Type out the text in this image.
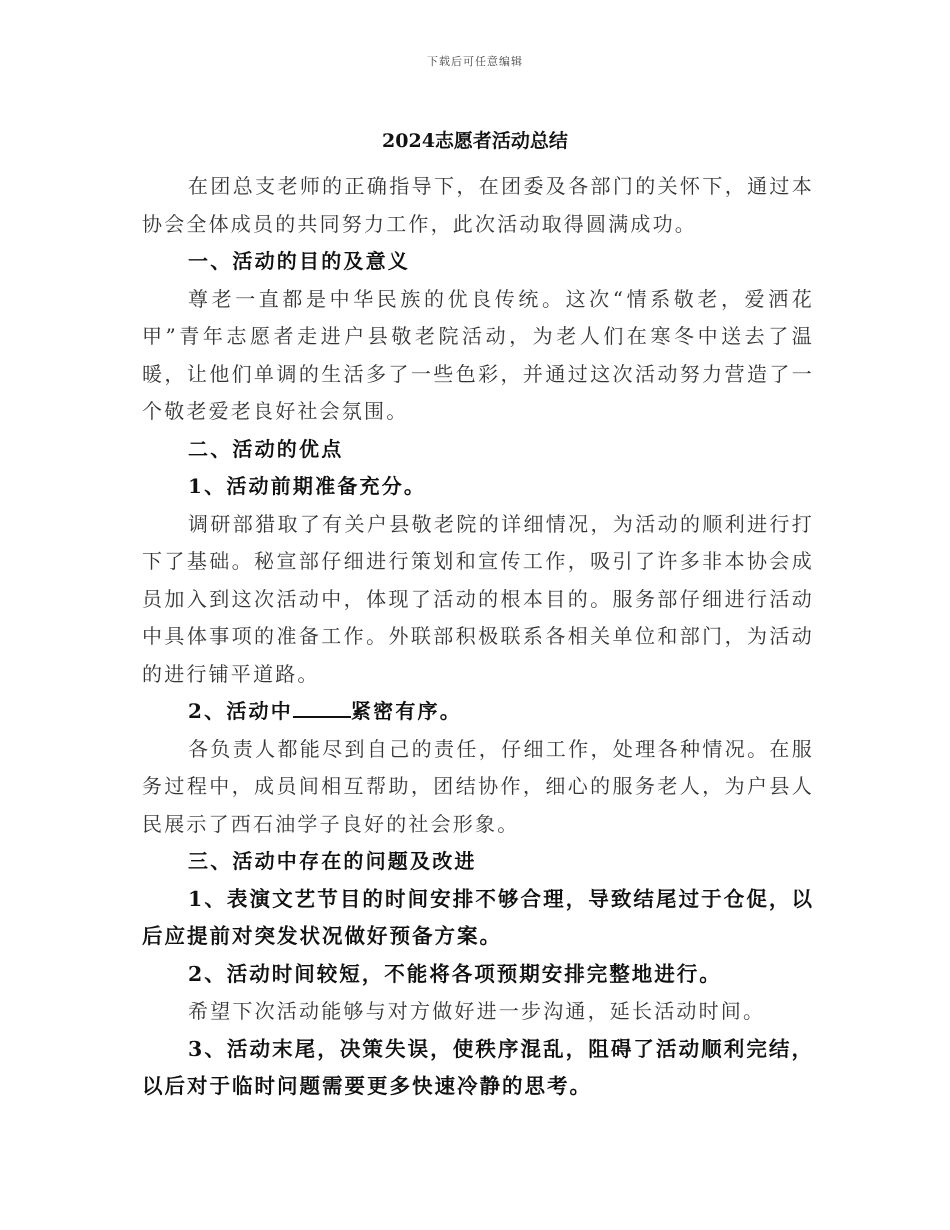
下载后可任意编辑
2024志愿者活动总结

在团总支老师的正确指导下，在团委及各部门的关怀下，通过本协会全体成员的共同努力工作，此次活动取得圆满成功。

一、活动的目的及意义

尊老一直都是中华民族的优良传统。这次“情系敬老，爱洒花甲”青年志愿者走进户县敬老院活动，为老人们在寒冬中送去了温暖，让他们单调的生活多了一些色彩，并通过这次活动努力营造了一个敬老爱老良好社会氛围。

二、活动的优点

1、活动前期准备充分。

调研部猎取了有关户县敬老院的详细情况，为活动的顺利进行打下了基础。秘宣部仔细进行策划和宣传工作，吸引了许多非本协会成员加入到这次活动中，体现了活动的根本目的。服务部仔细进行活动中具体事项的准备工作。外联部积极联系各相关单位和部门，为活动的进行铺平道路。

2、活动中	紧密有序。

各负责人都能尽到自己的责任，仔细工作，处理各种情况。在服务过程中，成员间相互帮助，团结协作，细心的服务老人，为户县人民展示了西石油学子良好的社会形象。

三、活动中存在的问题及改进

1、表演文艺节目的时间安排不够合理，导致结尾过于仓促，以后应提前对突发状况做好预备方案。

2、活动时间较短，不能将各项预期安排完整地进行。

希望下次活动能够与对方做好进一步沟通，延长活动时间。

3、活动末尾，决策失误，使秩序混乱，阻碍了活动顺利完结，以后对于临时问题需要更多快速冷静的思考。
